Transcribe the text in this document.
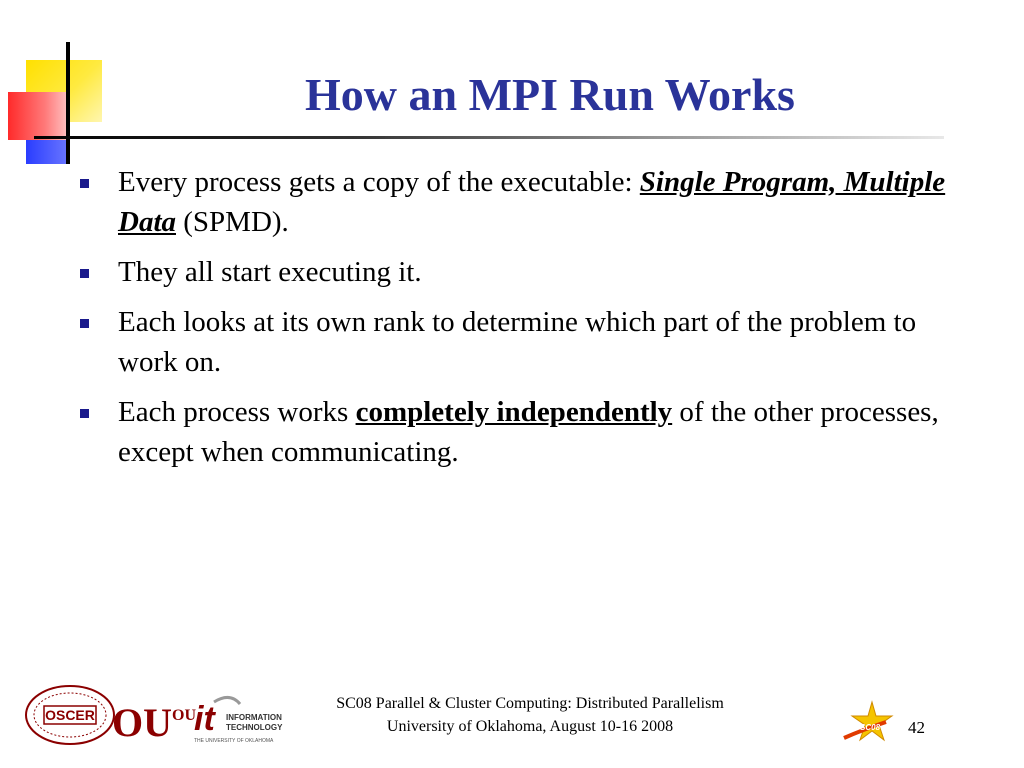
How an MPI Run Works
Every process gets a copy of the executable: Single Program, Multiple Data (SPMD).
They all start executing it.
Each looks at its own rank to determine which part of the problem to work on.
Each process works completely independently of the other processes, except when communicating.
OSCER OU OU
it INFORMATION
TECHNOLOGY
THE UNIVERSITY OF OKLAHOMA
SC08 Parallel & Cluster Computing: Distributed Parallelism
University of Oklahoma, August 10-16 2008	SC08 42
